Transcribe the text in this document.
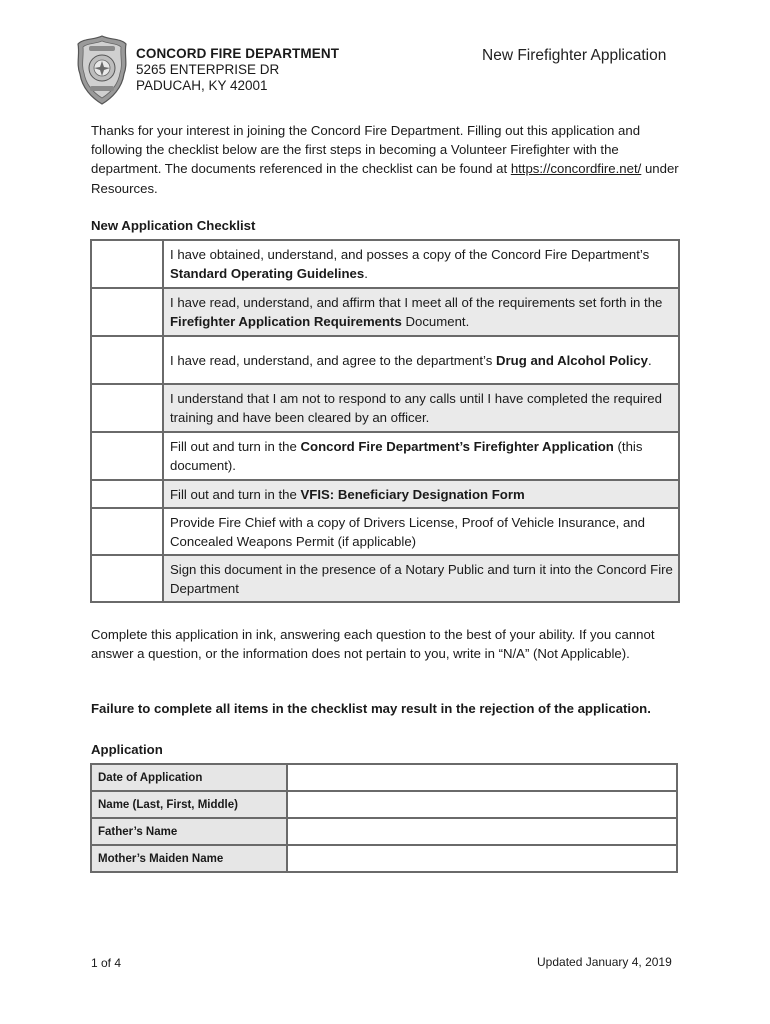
CONCORD FIRE DEPARTMENT
5265 ENTERPRISE DR
PADUCAH, KY 42001
New Firefighter Application
Thanks for your interest in joining the Concord Fire Department. Filling out this application and following the checklist below are the first steps in becoming a Volunteer Firefighter with the department. The documents referenced in the checklist can be found at https://concordfire.net/ under Resources.
New Application Checklist
	I have obtained, understand, and posses a copy of the Concord Fire Department’s Standard Operating Guidelines.
	I have read, understand, and affirm that I meet all of the requirements set forth in the Firefighter Application Requirements Document.
	I have read, understand, and agree to the department’s Drug and Alcohol Policy.
	I understand that I am not to respond to any calls until I have completed the required training and have been cleared by an officer.
	Fill out and turn in the Concord Fire Department’s Firefighter Application (this document).
	Fill out and turn in the VFIS: Beneficiary Designation Form
	Provide Fire Chief with a copy of Drivers License, Proof of Vehicle Insurance, and Concealed Weapons Permit (if applicable)
	Sign this document in the presence of a Notary Public and turn it into the Concord Fire Department
Complete this application in ink, answering each question to the best of your ability. If you cannot answer a question, or the information does not pertain to you, write in “N/A” (Not Applicable).
Failure to complete all items in the checklist may result in the rejection of the application.
Application
Date of Application	
Name (Last, First, Middle)	
Father’s Name	
Mother’s Maiden Name	
1 of 4	Updated January 4, 2019
